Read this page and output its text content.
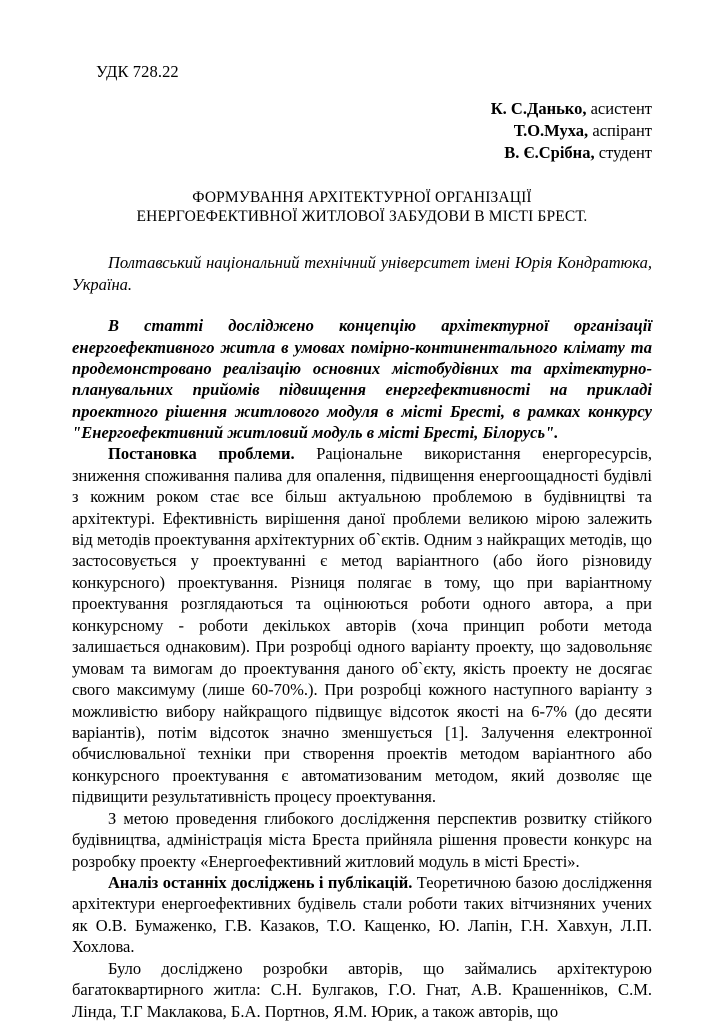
УДК 728.22
К. С.Данько, асистент
Т.О.Муха, аспірант
В. Є.Срібна, студент
ФОРМУВАННЯ АРХІТЕКТУРНОЇ ОРГАНІЗАЦІЇ
ЕНЕРГОЕФЕКТИВНОЇ ЖИТЛОВОЇ ЗАБУДОВИ В МІСТІ БРЕСТ.

Полтавський національний технічний університет імені Юрія Кондратюка, Україна.

В статті досліджено концепцію архітектурної організації енергоефективного житла в умовах помірно-континентального клімату та продемонстровано реалізацію основних містобудівних та архітектурно-планувальних прийомів підвищення енергефективності на прикладі проектного рішення житлового модуля в місті Бресті, в рамках конкурсу "Енергоефективний житловий модуль в місті Бресті, Білорусь".

Постановка проблеми. Раціональне використання енергоресурсів, зниження споживання палива для опалення, підвищення енергоощадності будівлі з кожним роком стає все більш актуальною проблемою в будівництві та архітектурі. Ефективність вирішення даної проблеми великою мірою залежить від методів проектування архітектурних об`єктів. Одним з найкращих методів, що застосовується у проектуванні є метод варіантного (або його різновиду конкурсного) проектування. Різниця полягає в тому, що при варіантному проектування розглядаються та оцінюються роботи одного автора, а при конкурсному - роботи декількох авторів (хоча принцип роботи метода залишається однаковим). При розробці одного варіанту проекту, що задовольняє умовам та вимогам до проектування даного об`єкту, якість проекту не досягає свого максимуму (лише 60-70%.). При розробці кожного наступного варіанту з можливістю вибору найкращого підвищує відсоток якості на 6-7% (до десяти варіантів), потім відсоток значно зменшується [1]. Залучення електронної обчислювальної техніки при створення проектів методом варіантного або конкурсного проектування є автоматизованим методом, який дозволяє ще підвищити результативність процесу проектування.

З метою проведення глибокого дослідження перспектив розвитку стійкого будівництва, адміністрація міста Бреста прийняла рішення провести конкурс на розробку проекту «Енергоефективний житловий модуль в місті Бресті».

Аналіз останніх досліджень і публікацій. Теоретичною базою дослідження архітектури енергоефективних будівель стали роботи таких вітчизняних учених як О.В. Бумаженко, Г.В. Казаков, Т.О. Кащенко, Ю. Лапін, Г.Н. Хавхун, Л.П. Хохлова.

Було досліджено розробки авторів, що займались архітектурою багатоквартирного житла: С.Н. Булгаков, Г.О. Гнат, А.В. Крашенніков, С.М. Лінда, Т.Г Маклакова, Б.А. Портнов, Я.М. Юрик, а також авторів, що
